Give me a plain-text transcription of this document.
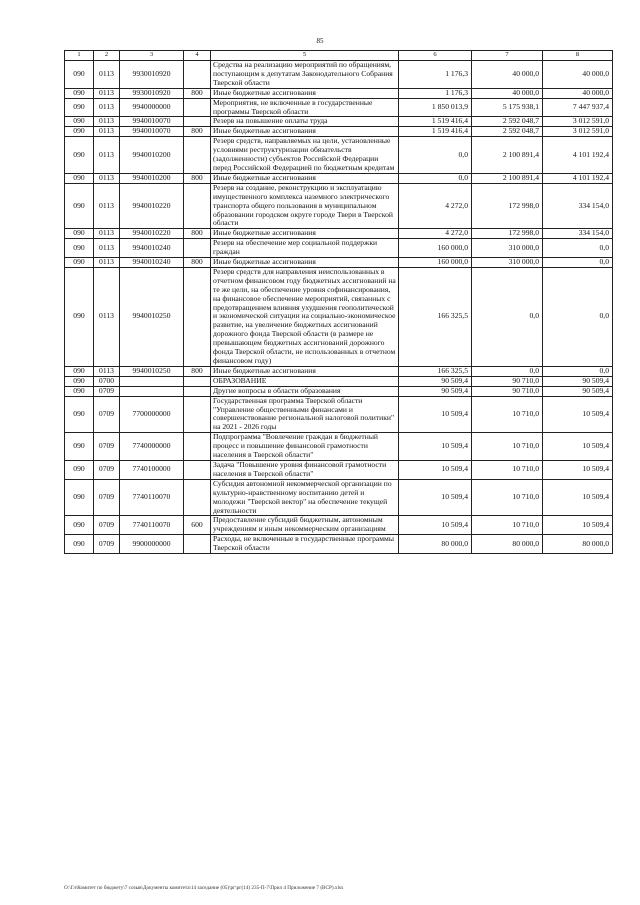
85
1	2	3	4	5	6	7	8
090	0113	9930010920		Средства на реализацию мероприятий по обращениям, поступающим к депутатам Законодательного Собрания Тверской области	1 176,3	40 000,0	40 000,0
090	0113	9930010920	800	Иные бюджетные ассигнования	1 176,3	40 000,0	40 000,0
090	0113	9940000000		Мероприятия, не включенные в государственные программы Тверской области	1 850 013,9	5 175 938,1	7 447 937,4
090	0113	9940010070		Резерв на повышение оплаты труда	1 519 416,4	2 592 048,7	3 012 591,0
090	0113	9940010070	800	Иные бюджетные ассигнования	1 519 416,4	2 592 048,7	3 012 591,0
090	0113	9940010200		Резерв средств, направляемых на цели, установленные условиями реструктуризации обязательств (задолженности) субъектов Российской Федерации перед Российской Федерацией по бюджетным кредитам	0,0	2 100 891,4	4 101 192,4
090	0113	9940010200	800	Иные бюджетные ассигнования	0,0	2 100 891,4	4 101 192,4
090	0113	9940010220		Резерв на создание, реконструкцию и эксплуатацию имущественного комплекса наземного электрического транспорта общего пользования в муниципальном образовании городском округе городе Твери в Тверской области	4 272,0	172 998,0	334 154,0
090	0113	9940010220	800	Иные бюджетные ассигнования	4 272,0	172 998,0	334 154,0
090	0113	9940010240		Резерв на обеспечение мер социальной поддержки граждан	160 000,0	310 000,0	0,0
090	0113	9940010240	800	Иные бюджетные ассигнования	160 000,0	310 000,0	0,0
090	0113	9940010250		Резерв средств для направления неиспользованных в отчетном финансовом году бюджетных ассигнований на те же цели, на обеспечение уровня софинансирования, на финансовое обеспечение мероприятий, связанных с предотвращением влияния ухудшения геополитической и экономической ситуации на социально-экономическое развитие, на увеличение бюджетных ассигнований дорожного фонда Тверской области (в размере не превышающем бюджетных ассигнований дорожного фонда Тверской области, не использованных в отчетном финансовом году)	166 325,5	0,0	0,0
090	0113	9940010250	800	Иные бюджетные ассигнования	166 325,5	0,0	0,0
090	0700			ОБРАЗОВАНИЕ	90 509,4	90 710,0	90 509,4
090	0709			Другие вопросы в области образования	90 509,4	90 710,0	90 509,4
090	0709	7700000000		Государственная программа Тверской области "Управление общественными финансами и совершенствование региональной налоговой политики" на 2021 - 2026 годы	10 509,4	10 710,0	10 509,4
090	0709	7740000000		Подпрограмма "Вовлечение граждан в бюджетный процесс и повышение финансовой грамотности населения в Тверской области"	10 509,4	10 710,0	10 509,4
090	0709	7740100000		Задача "Повышение уровня финансовой грамотности населения в Тверской области"	10 509,4	10 710,0	10 509,4
090	0709	7740110070		Субсидия автономной некоммерческой организации по культурно-нравственному воспитанию детей и молодежи "Тверской вектор" на обеспечение текущей деятельности	10 509,4	10 710,0	10 509,4
090	0709	7740110070	600	Предоставление субсидий бюджетным, автономным учреждениям и иным некоммерческим организациям	10 509,4	10 710,0	10 509,4
090	0709	9900000000		Расходы, не включенные в государственные программы Тверской области	80 000,0	80 000,0	80 000,0
O:\Гл\Комитет по бюджету\7 созыв\Документы комитета\14 заседание (05)\рг\рг(14) 235-П-7\Прил 4 Приложение 7 (ВСР).xlsx
